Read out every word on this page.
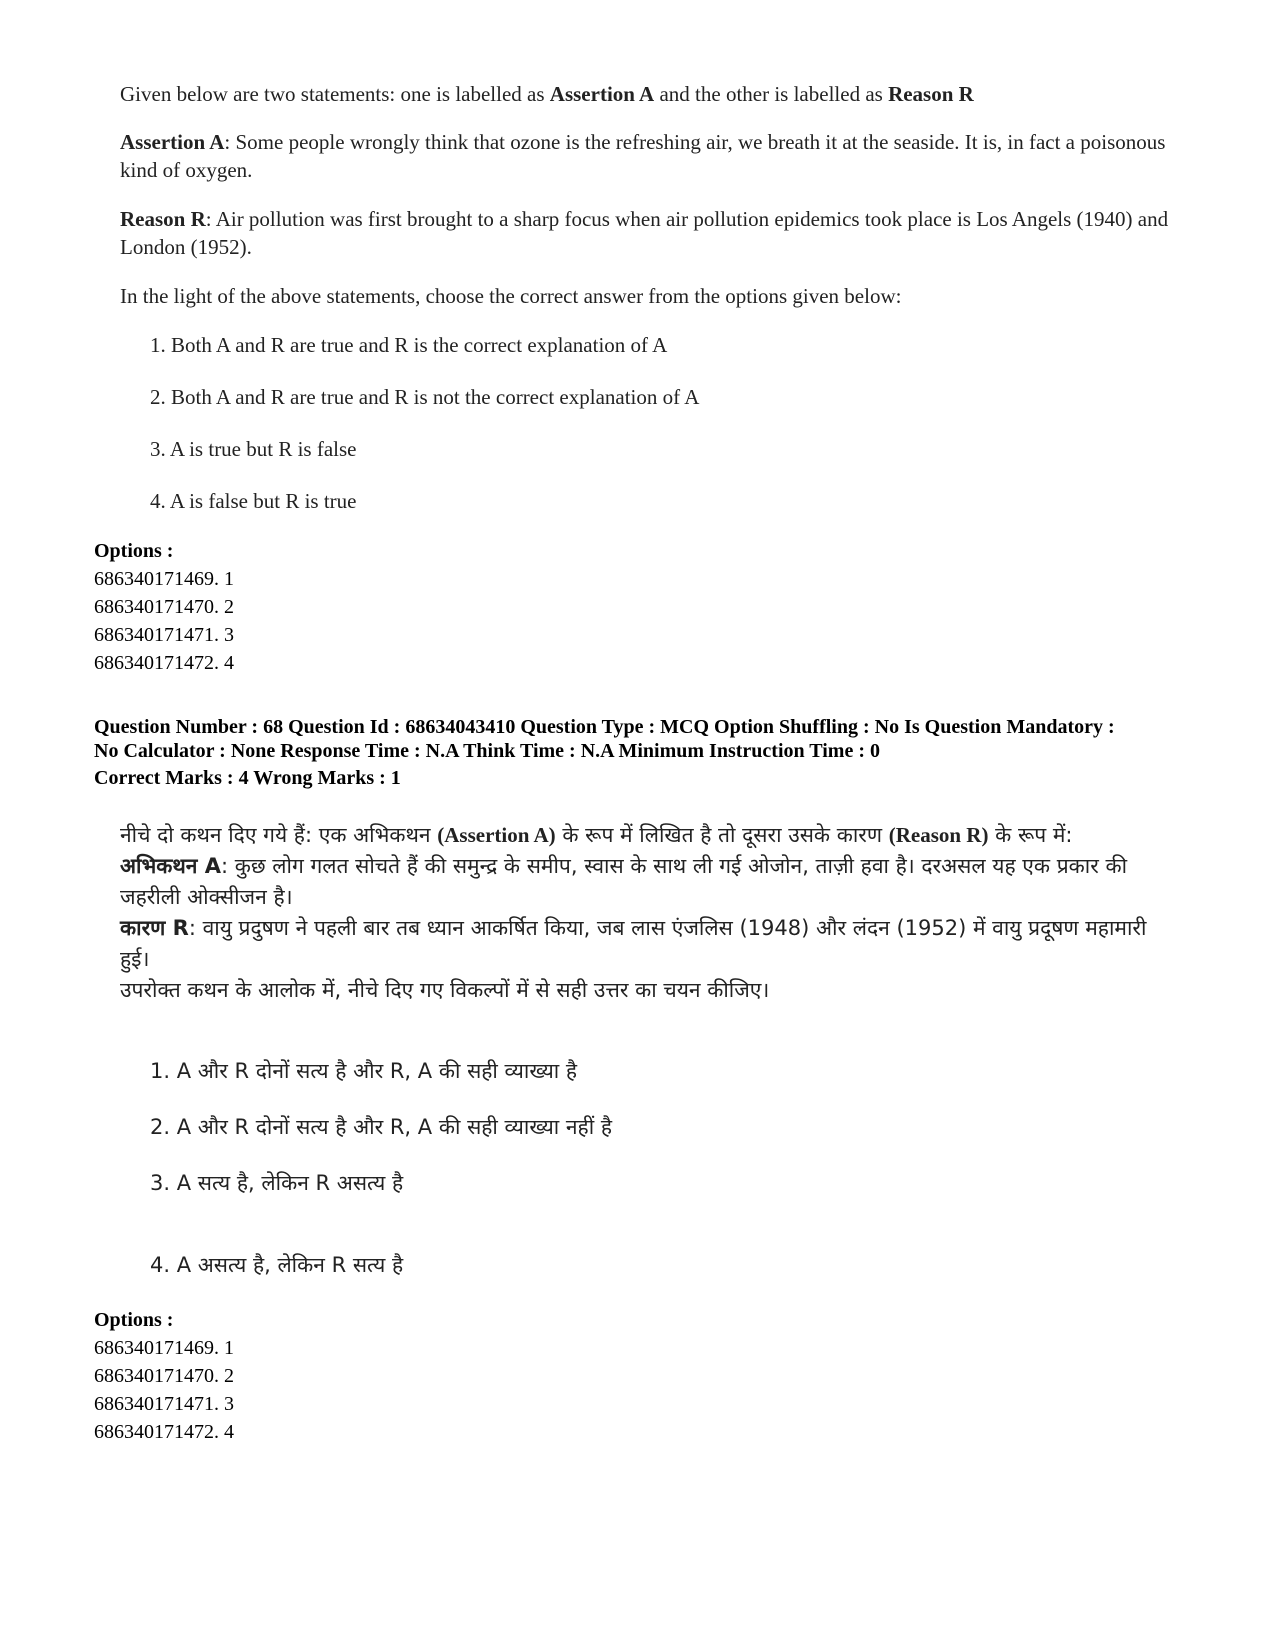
Given below are two statements: one is labelled as Assertion A and the other is labelled as Reason R

Assertion A: Some people wrongly think that ozone is the refreshing air, we breath it at the seaside. It is, in fact a poisonous kind of oxygen.

Reason R: Air pollution was first brought to a sharp focus when air pollution epidemics took place is Los Angels (1940) and London (1952).

In the light of the above statements, choose the correct answer from the options given below:

1. Both A and R are true and R is the correct explanation of A
2. Both A and R are true and R is not the correct explanation of A
3. A is true but R is false
4. A is false but R is true
Options :
686340171469. 1
686340171470. 2
686340171471. 3
686340171472. 4
Question Number : 68 Question Id : 68634043410 Question Type : MCQ Option Shuffling : No Is Question Mandatory :
No Calculator : None Response Time : N.A Think Time : N.A Minimum Instruction Time : 0
Correct Marks : 4 Wrong Marks : 1

नीचे दो कथन दिए गये हैं: एक अभिकथन (Assertion A) के रूप में लिखित है तो दूसरा उसके कारण (Reason R) के रूप में:

अभिकथन A: कुछ लोग गलत सोचते हैं की समुन्द्र के समीप, स्वास के साथ ली गई ओजोन, ताज़ी हवा है। दरअसल यह एक प्रकार की जहरीली ओक्सीजन है।

कारण R: वायु प्रदुषण ने पहली बार तब ध्यान आकर्षित किया, जब लास एंजलिस (1948) और लंदन (1952) में वायु प्रदूषण महामारी हुई।

उपरोक्त कथन के आलोक में, नीचे दिए गए विकल्पों में से सही उत्तर का चयन कीजिए।

1. A और R दोनों सत्य है और R, A की सही व्याख्या है
2. A और R दोनों सत्य है और R, A की सही व्याख्या नहीं है
3. A सत्य है, लेकिन R असत्य है
4. A असत्य है, लेकिन R सत्य है
Options :
686340171469. 1
686340171470. 2
686340171471. 3
686340171472. 4
